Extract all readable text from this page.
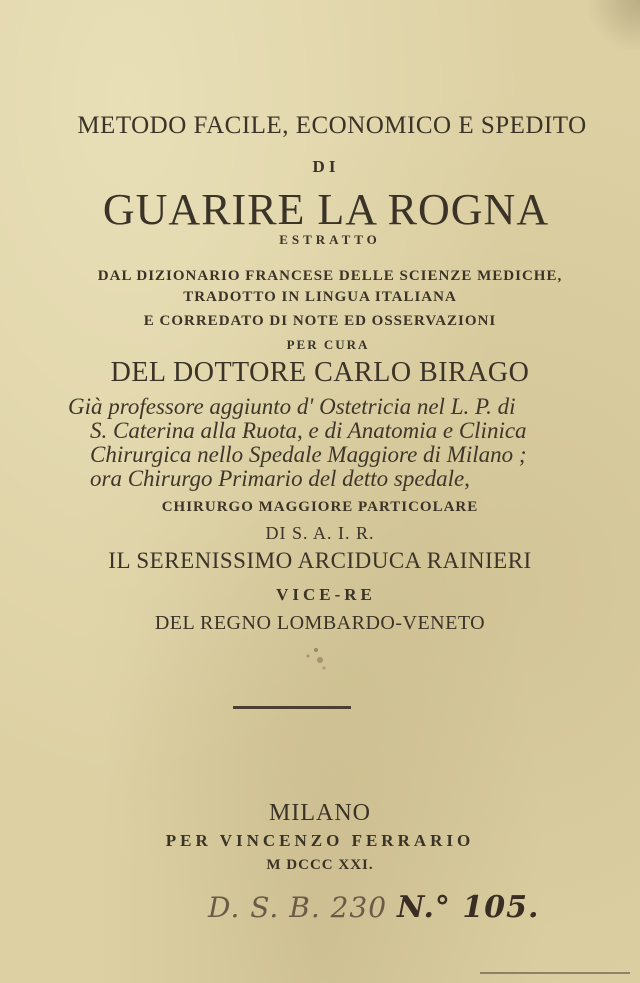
METODO FACILE, ECONOMICO E SPEDITO
DI
GUARIRE LA ROGNA
ESTRATTO
DAL DIZIONARIO FRANCESE DELLE SCIENZE MEDICHE,
TRADOTTO IN LINGUA ITALIANA
E CORREDATO DI NOTE ED OSSERVAZIONI
PER CURA
DEL DOTTORE CARLO BIRAGO
Già professore aggiunto d' Ostetricia nel L. P. di
S. Caterina alla Ruota, e di Anatomia e Clinica
Chirurgica nello Spedale Maggiore di Milano ;
ora Chirurgo Primario del detto spedale,
CHIRURGO MAGGIORE PARTICOLARE
DI S. A. I. R.
IL SERENISSIMO ARCIDUCA RAINIERI
VICE-RE
DEL REGNO LOMBARDO-VENETO
MILANO
PER VINCENZO FERRARIO
M DCCC XXI.
D. S. B. 230 N.° 105.
